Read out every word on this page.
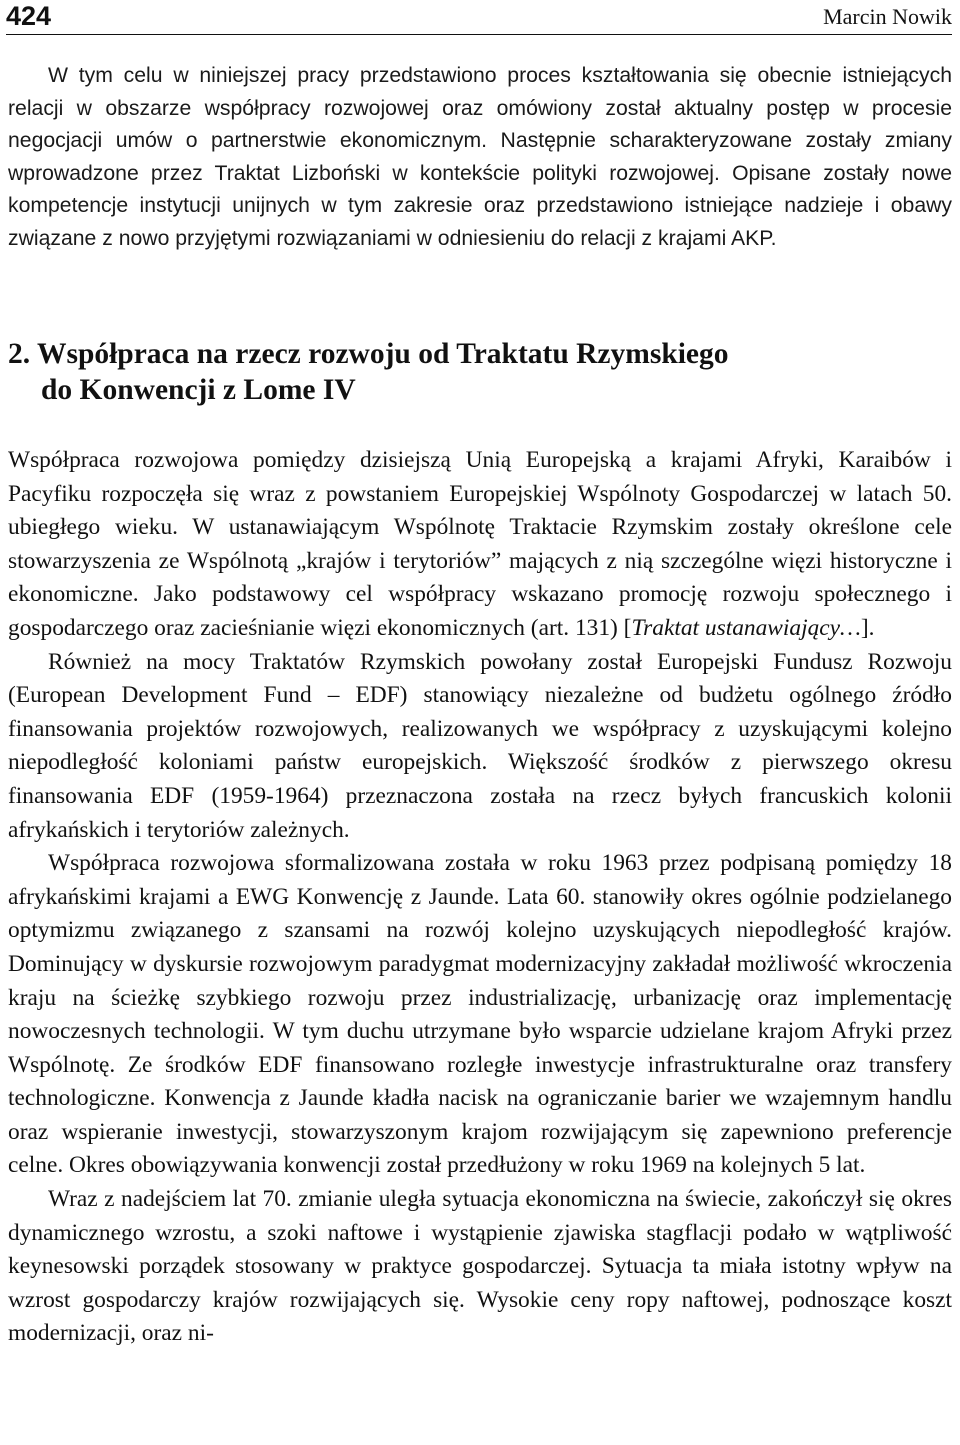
424	Marcin Nowik

W tym celu w niniejszej pracy przedstawiono proces kształtowania się obecnie istniejących relacji w obszarze współpracy rozwojowej oraz omówiony został aktualny postęp w procesie negocjacji umów o partnerstwie ekonomicznym. Następnie scharakteryzowane zostały zmiany wprowadzone przez Traktat Lizboński w kontekście polityki rozwojowej. Opisane zostały nowe kompetencje instytucji unijnych w tym zakresie oraz przedstawiono istniejące nadzieje i obawy związane z nowo przyjętymi rozwiązaniami w odniesieniu do relacji z krajami AKP.

2. Współpraca na rzecz rozwoju od Traktatu Rzymskiego
do Konwencji z Lome IV

Współpraca rozwojowa pomiędzy dzisiejszą Unią Europejską a krajami Afryki, Karaibów i Pacyfiku rozpoczęła się wraz z powstaniem Europejskiej Wspólnoty Gospodarczej w latach 50. ubiegłego wieku. W ustanawiającym Wspólnotę Traktacie Rzymskim zostały określone cele stowarzyszenia ze Wspólnotą „krajów i terytoriów” mających z nią szczególne więzi historyczne i ekonomiczne. Jako podstawowy cel współpracy wskazano promocję rozwoju społecznego i gospodarczego oraz zacieśnianie więzi ekonomicznych (art. 131) [Traktat ustanawiający…].

Również na mocy Traktatów Rzymskich powołany został Europejski Fundusz Rozwoju (European Development Fund – EDF) stanowiący niezależne od budżetu ogólnego źródło finansowania projektów rozwojowych, realizowanych we współpracy z uzyskującymi kolejno niepodległość koloniami państw europejskich. Większość środków z pierwszego okresu finansowania EDF (1959-1964) przeznaczona została na rzecz byłych francuskich kolonii afrykańskich i terytoriów zależnych.

Współpraca rozwojowa sformalizowana została w roku 1963 przez podpisaną pomiędzy 18 afrykańskimi krajami a EWG Konwencję z Jaunde. Lata 60. stanowiły okres ogólnie podzielanego optymizmu związanego z szansami na rozwój kolejno uzyskujących niepodległość krajów. Dominujący w dyskursie rozwojowym paradygmat modernizacyjny zakładał możliwość wkroczenia kraju na ścieżkę szybkiego rozwoju przez industrializację, urbanizację oraz implementację nowoczesnych technologii. W tym duchu utrzymane było wsparcie udzielane krajom Afryki przez Wspólnotę. Ze środków EDF finansowano rozległe inwestycje infrastrukturalne oraz transfery technologiczne. Konwencja z Jaunde kładła nacisk na ograniczanie barier we wzajemnym handlu oraz wspieranie inwestycji, stowarzyszonym krajom rozwijającym się zapewniono preferencje celne. Okres obowiązywania konwencji został przedłużony w roku 1969 na kolejnych 5 lat.

Wraz z nadejściem lat 70. zmianie uległa sytuacja ekonomiczna na świecie, zakończył się okres dynamicznego wzrostu, a szoki naftowe i wystąpienie zjawiska stagflacji podało w wątpliwość keynesowski porządek stosowany w praktyce gospodarczej. Sytuacja ta miała istotny wpływ na wzrost gospodarczy krajów rozwijających się. Wysokie ceny ropy naftowej, podnoszące koszt modernizacji, oraz ni-
